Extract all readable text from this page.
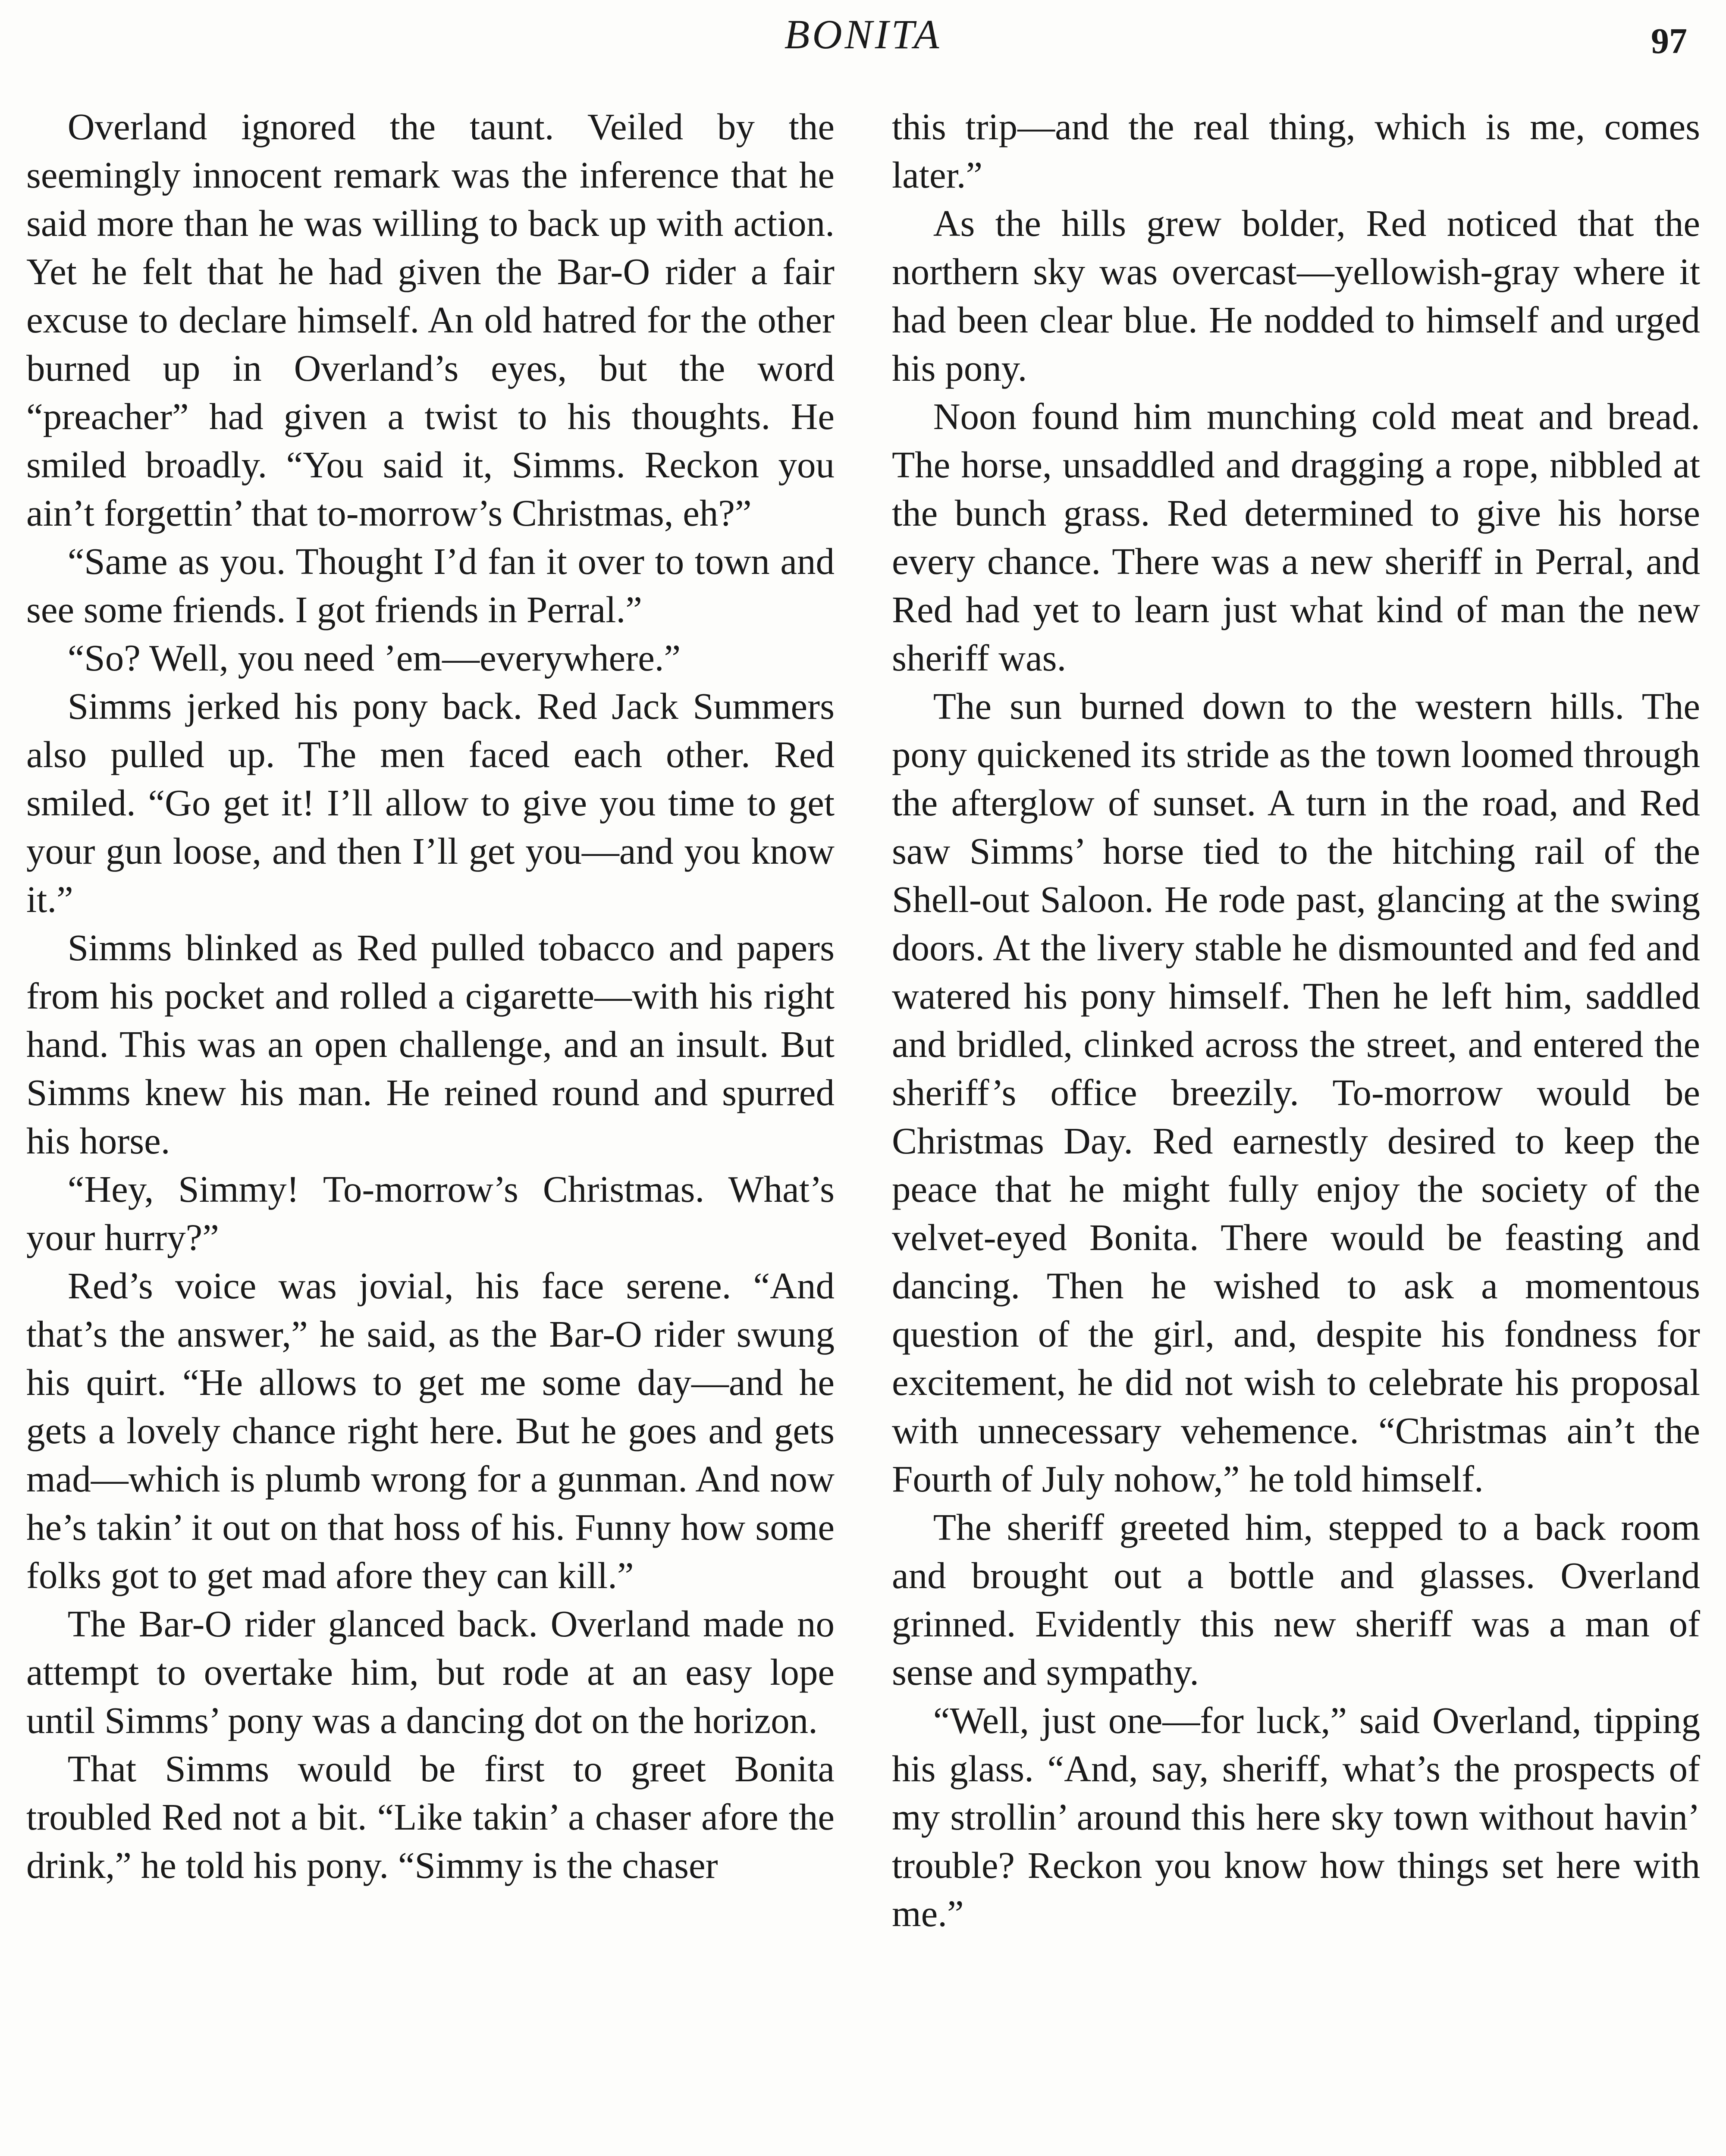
BONITA	97

Overland ignored the taunt. Veiled by the seemingly innocent remark was the inference that he said more than he was willing to back up with action. Yet he felt that he had given the Bar-O rider a fair excuse to declare himself. An old hatred for the other burned up in Overland’s eyes, but the word “preacher” had given a twist to his thoughts. He smiled broadly. “You said it, Simms. Reckon you ain’t forgettin’ that to-morrow’s Christmas, eh?”

“Same as you. Thought I’d fan it over to town and see some friends. I got friends in Perral.”

“So? Well, you need ’em—everywhere.”

Simms jerked his pony back. Red Jack Summers also pulled up. The men faced each other. Red smiled. “Go get it! I’ll allow to give you time to get your gun loose, and then I’ll get you—and you know it.”

Simms blinked as Red pulled tobacco and papers from his pocket and rolled a cigarette—with his right hand. This was an open challenge, and an insult. But Simms knew his man. He reined round and spurred his horse.

“Hey, Simmy! To-morrow’s Christmas. What’s your hurry?”

Red’s voice was jovial, his face serene. “And that’s the answer,” he said, as the Bar-O rider swung his quirt. “He allows to get me some day—and he gets a lovely chance right here. But he goes and gets mad—which is plumb wrong for a gunman. And now he’s takin’ it out on that hoss of his. Funny how some folks got to get mad afore they can kill.”

The Bar-O rider glanced back. Overland made no attempt to overtake him, but rode at an easy lope until Simms’ pony was a dancing dot on the horizon.

That Simms would be first to greet Bonita troubled Red not a bit. “Like takin’ a chaser afore the drink,” he told his pony. “Simmy is the chaser

this trip—and the real thing, which is me, comes later.”

As the hills grew bolder, Red noticed that the northern sky was overcast—yellowish-gray where it had been clear blue. He nodded to himself and urged his pony.

Noon found him munching cold meat and bread. The horse, unsaddled and dragging a rope, nibbled at the bunch grass. Red determined to give his horse every chance. There was a new sheriff in Perral, and Red had yet to learn just what kind of man the new sheriff was.

The sun burned down to the western hills. The pony quickened its stride as the town loomed through the afterglow of sunset. A turn in the road, and Red saw Simms’ horse tied to the hitching rail of the Shell-out Saloon. He rode past, glancing at the swing doors. At the livery stable he dismounted and fed and watered his pony himself. Then he left him, saddled and bridled, clinked across the street, and entered the sheriff’s office breezily. To-morrow would be Christmas Day. Red earnestly desired to keep the peace that he might fully enjoy the society of the velvet-eyed Bonita. There would be feasting and dancing. Then he wished to ask a momentous question of the girl, and, despite his fondness for excitement, he did not wish to celebrate his proposal with unnecessary vehemence. “Christmas ain’t the Fourth of July nohow,” he told himself.

The sheriff greeted him, stepped to a back room and brought out a bottle and glasses. Overland grinned. Evidently this new sheriff was a man of sense and sympathy.

“Well, just one—for luck,” said Overland, tipping his glass. “And, say, sheriff, what’s the prospects of my strollin’ around this here sky town without havin’ trouble? Reckon you know how things set here with me.”
